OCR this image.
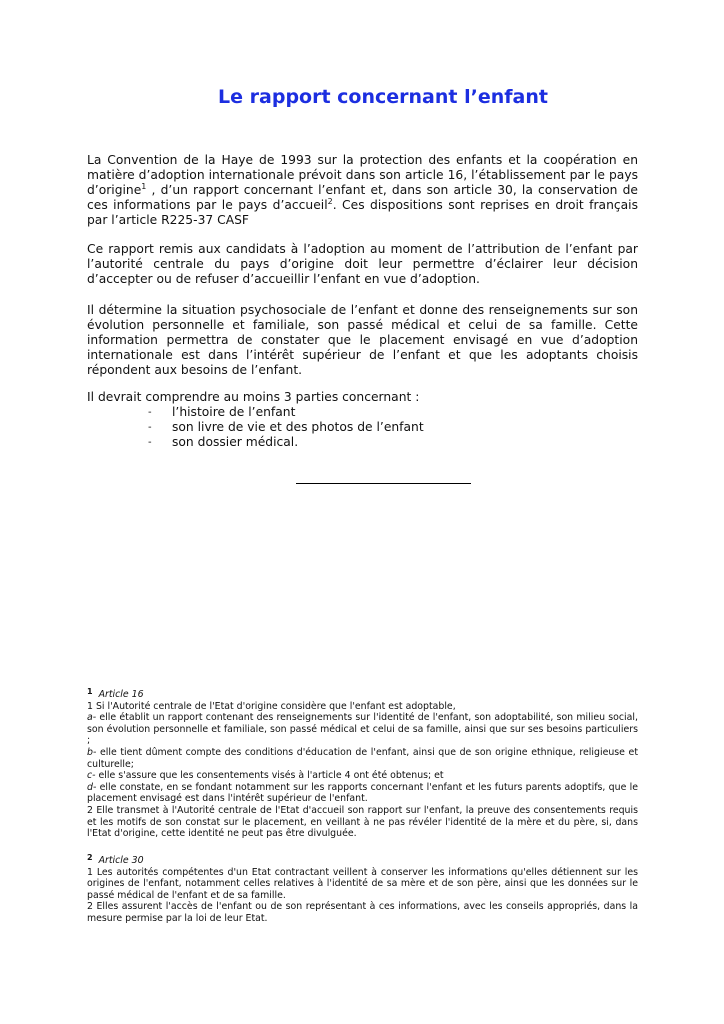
Le rapport concernant l’enfant

La Convention de la Haye de 1993 sur la protection des enfants et la coopération en matière d’adoption internationale prévoit dans son article 16, l’établissement par le pays d’origine$^1$ , d’un rapport concernant l’enfant et, dans son article 30, la conservation de ces informations par le pays d’accueil$^2$. Ces dispositions sont reprises en droit français par l’article R225-37 CASF

Ce rapport remis aux candidats à l’adoption au moment de l’attribution de l’enfant par l’autorité centrale du pays d’origine doit leur permettre d’éclairer leur décision d’accepter ou de refuser d’accueillir l’enfant en vue d’adoption.

Il détermine la situation psychosociale de l’enfant et donne des renseignements sur son évolution personnelle et familiale, son passé médical et celui de sa famille. Cette information permettra de constater que le placement envisagé en vue d’adoption internationale est dans l’intérêt supérieur de l’enfant et que les adoptants choisis répondent aux besoins de l’enfant.

Il devrait comprendre au moins 3 parties concernant :

- l’histoire de l’enfant
- son livre de vie et des photos de l’enfant
- son dossier médical.
1 Article 16
1 Si l'Autorité centrale de l'Etat d'origine considère que l'enfant est adoptable,
a- elle établit un rapport contenant des renseignements sur l'identité de l'enfant, son adoptabilité, son milieu social, son évolution personnelle et familiale, son passé médical et celui de sa famille, ainsi que sur ses besoins particuliers ;
b- elle tient dûment compte des conditions d'éducation de l'enfant, ainsi que de son origine ethnique, religieuse et culturelle;
c- elle s'assure que les consentements visés à l'article 4 ont été obtenus; et
d- elle constate, en se fondant notamment sur les rapports concernant l'enfant et les futurs parents adoptifs, que le placement envisagé est dans l'intérêt supérieur de l'enfant.
2 Elle transmet à l'Autorité centrale de l'Etat d'accueil son rapport sur l'enfant, la preuve des consentements requis et les motifs de son constat sur le placement, en veillant à ne pas révéler l'identité de la mère et du père, si, dans l'Etat d'origine, cette identité ne peut pas être divulguée.
2 Article 30
1 Les autorités compétentes d'un Etat contractant veillent à conserver les informations qu'elles détiennent sur les origines de l'enfant, notamment celles relatives à l'identité de sa mère et de son père, ainsi que les données sur le passé médical de l'enfant et de sa famille.
2 Elles assurent l'accès de l'enfant ou de son représentant à ces informations, avec les conseils appropriés, dans la mesure permise par la loi de leur Etat.
